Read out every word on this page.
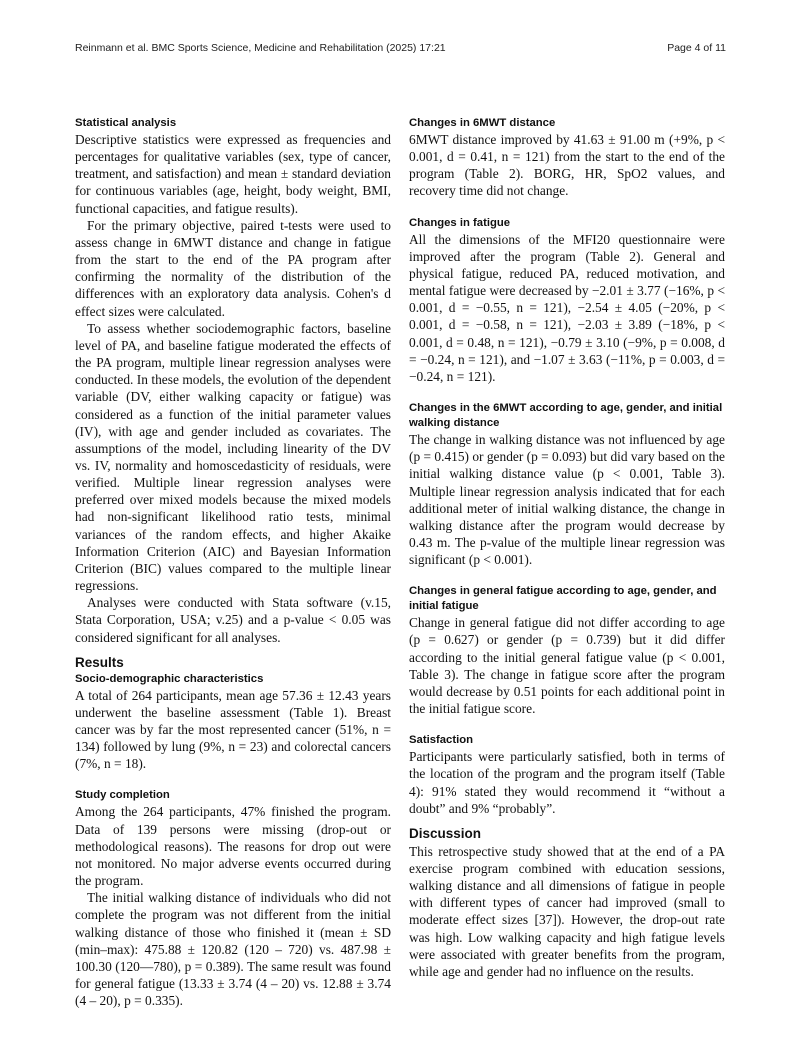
Reinmann et al. BMC Sports Science, Medicine and Rehabilitation (2025) 17:21	Page 4 of 11
Statistical analysis

Descriptive statistics were expressed as frequencies and percentages for qualitative variables (sex, type of cancer, treatment, and satisfaction) and mean ± standard deviation for continuous variables (age, height, body weight, BMI, functional capacities, and fatigue results).

For the primary objective, paired t-tests were used to assess change in 6MWT distance and change in fatigue from the start to the end of the PA program after confirming the normality of the distribution of the differences with an exploratory data analysis. Cohen's d effect sizes were calculated.

To assess whether sociodemographic factors, baseline level of PA, and baseline fatigue moderated the effects of the PA program, multiple linear regression analyses were conducted. In these models, the evolution of the dependent variable (DV, either walking capacity or fatigue) was considered as a function of the initial parameter values (IV), with age and gender included as covariates. The assumptions of the model, including linearity of the DV vs. IV, normality and homoscedasticity of residuals, were verified. Multiple linear regression analyses were preferred over mixed models because the mixed models had non-significant likelihood ratio tests, minimal variances of the random effects, and higher Akaike Information Criterion (AIC) and Bayesian Information Criterion (BIC) values compared to the multiple linear regressions.

Analyses were conducted with Stata software (v.15, Stata Corporation, USA; v.25) and a p-value < 0.05 was considered significant for all analyses.

Results
Socio-demographic characteristics

A total of 264 participants, mean age 57.36 ± 12.43 years underwent the baseline assessment (Table 1). Breast cancer was by far the most represented cancer (51%, n = 134) followed by lung (9%, n = 23) and colorectal cancers (7%, n = 18).

Study completion

Among the 264 participants, 47% finished the program. Data of 139 persons were missing (drop-out or methodological reasons). The reasons for drop out were not monitored. No major adverse events occurred during the program.

The initial walking distance of individuals who did not complete the program was not different from the initial walking distance of those who finished it (mean ± SD (min–max): 475.88 ± 120.82 (120 – 720) vs. 487.98 ± 100.30 (120—780), p = 0.389). The same result was found for general fatigue (13.33 ± 3.74 (4 – 20) vs. 12.88 ± 3.74 (4 – 20), p = 0.335).

Changes in 6MWT distance

6MWT distance improved by 41.63 ± 91.00 m (+9%, p < 0.001, d = 0.41, n = 121) from the start to the end of the program (Table 2). BORG, HR, SpO2 values, and recovery time did not change.

Changes in fatigue

All the dimensions of the MFI20 questionnaire were improved after the program (Table 2). General and physical fatigue, reduced PA, reduced motivation, and mental fatigue were decreased by −2.01 ± 3.77 (−16%, p < 0.001, d = −0.55, n = 121), −2.54 ± 4.05 (−20%, p < 0.001, d = −0.58, n = 121), −2.03 ± 3.89 (−18%, p < 0.001, d = 0.48, n = 121), −0.79 ± 3.10 (−9%, p = 0.008, d = −0.24, n = 121), and −1.07 ± 3.63 (−11%, p = 0.003, d = −0.24, n = 121).

Changes in the 6MWT according to age, gender, and initial walking distance

The change in walking distance was not influenced by age (p = 0.415) or gender (p = 0.093) but did vary based on the initial walking distance value (p < 0.001, Table 3). Multiple linear regression analysis indicated that for each additional meter of initial walking distance, the change in walking distance after the program would decrease by 0.43 m. The p-value of the multiple linear regression was significant (p < 0.001).

Changes in general fatigue according to age, gender, and initial fatigue

Change in general fatigue did not differ according to age (p = 0.627) or gender (p = 0.739) but it did differ according to the initial general fatigue value (p < 0.001, Table 3). The change in fatigue score after the program would decrease by 0.51 points for each additional point in the initial fatigue score.

Satisfaction

Participants were particularly satisfied, both in terms of the location of the program and the program itself (Table 4): 91% stated they would recommend it “without a doubt” and 9% “probably”.

Discussion

This retrospective study showed that at the end of a PA exercise program combined with education sessions, walking distance and all dimensions of fatigue in people with different types of cancer had improved (small to moderate effect sizes [37]). However, the drop-out rate was high. Low walking capacity and high fatigue levels were associated with greater benefits from the program, while age and gender had no influence on the results.
